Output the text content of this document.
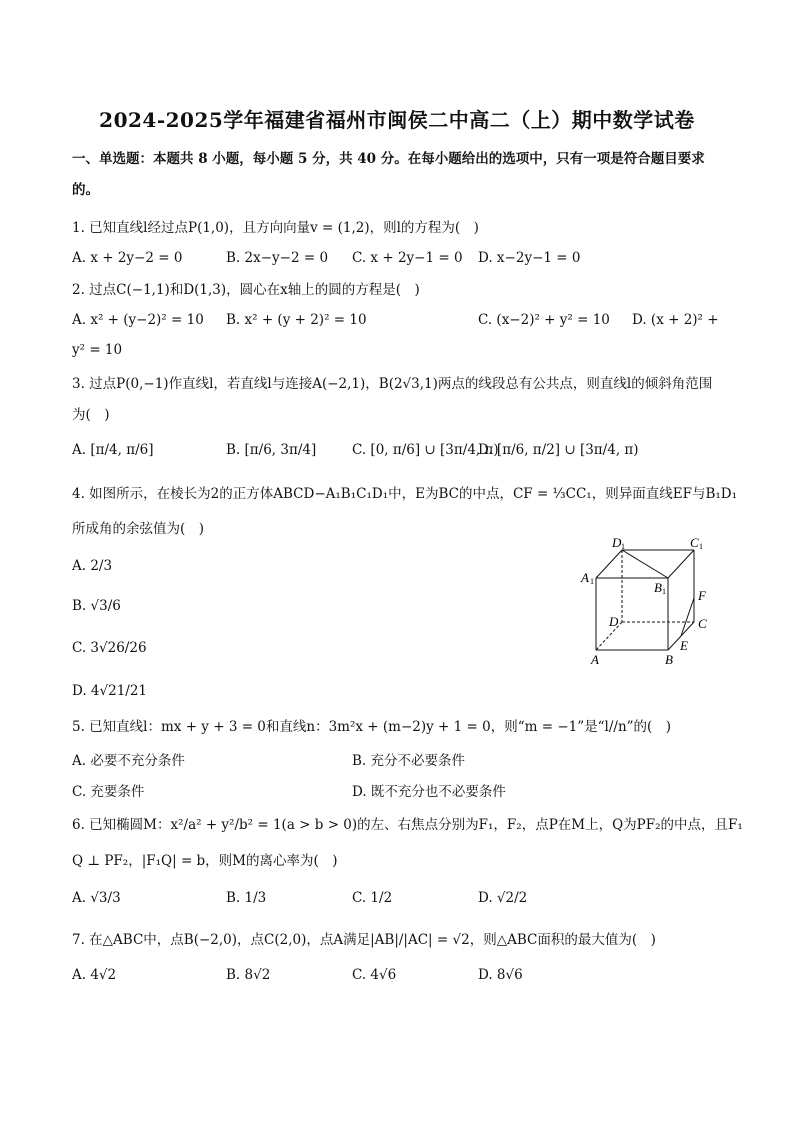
2024-2025学年福建省福州市闽侯二中高二（上）期中数学试卷
一、单选题：本题共 8 小题，每小题 5 分，共 40 分。在每小题给出的选项中，只有一项是符合题目要求
的。
1. 已知直线l经过点P(1,0)，且方向向量v = (1,2)，则l的方程为(　)
A. x + 2y−2 = 0	B. 2x−y−2 = 0 C. x + 2y−1 = 0 D. x−2y−1 = 0
2. 过点C(−1,1)和D(1,3)，圆心在x轴上的圆的方程是(　)
A. x² + (y−2)² = 10 B. x² + (y + 2)² = 10	C. (x−2)² + y² = 10 D. (x + 2)² +
y² = 10
3. 过点P(0,−1)作直线l，若直线l与连接A(−2,1)，B(2√3,1)两点的线段总有公共点，则直线l的倾斜角范围
为(　)
A. [π/4, π/6]	B. [π/6, 3π/4]	C. [0, π/6] ∪ [3π/4, π)
D. [π/6, π/2] ∪ [3π/4, π)
4. 如图所示，在棱长为2的正方体ABCD−A₁B₁C₁D₁中，E为BC的中点，CF = ⅓CC₁，则异面直线EF与B₁D₁
所成角的余弦值为(　)
A. 2/3
B. √3/6
C. 3√26/26
D. 4√21/21
D 1	C 1
A 1	B 1 F
D	C
E
A	B
5. 已知直线l：mx + y + 3 = 0和直线n：3m²x + (m−2)y + 1 = 0，则“m = −1”是“l//n”的(　)
A. 必要不充分条件	B. 充分不必要条件
C. 充要条件	D. 既不充分也不必要条件
6. 已知椭圆M：x²/a² + y²/b² = 1(a > b > 0)的左、右焦点分别为F₁，F₂，点P在M上，Q为PF₂的中点，且F₁
Q ⊥ PF₂，|F₁Q| = b，则M的离心率为(　)
A. √3/3	B. 1/3	C. 1/2	D. √2/2
7. 在△ABC中，点B(−2,0)，点C(2,0)，点A满足|AB|/|AC| = √2，则△ABC面积的最大值为(　)
A. 4√2	B. 8√2	C. 4√6	D. 8√6
